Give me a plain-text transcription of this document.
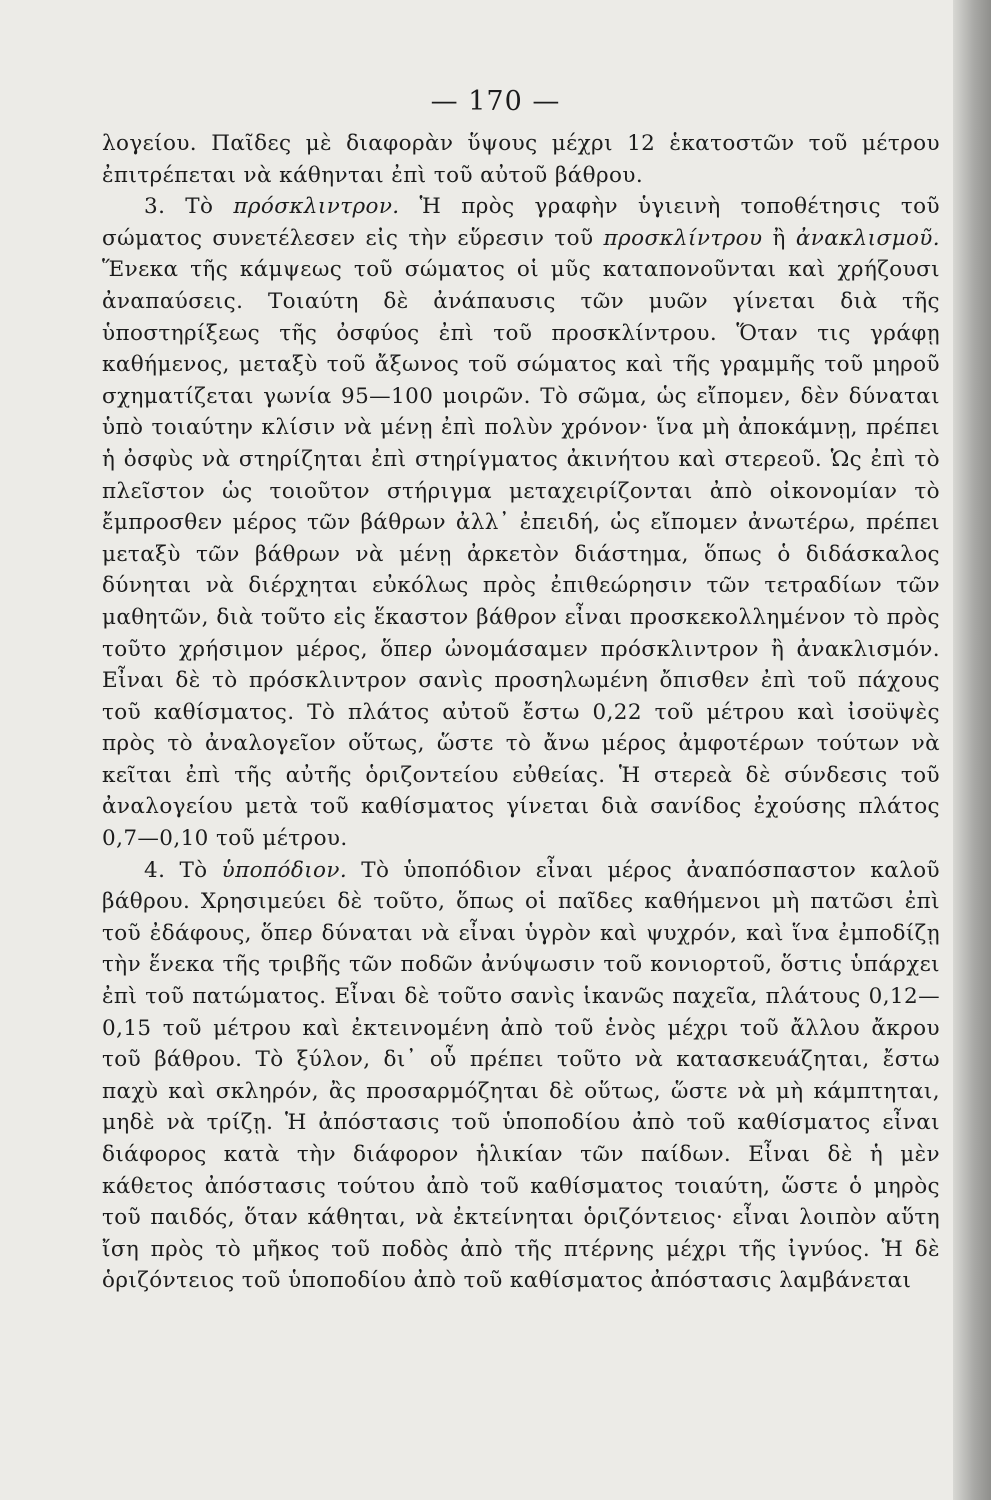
— 170 —

λογείου. Παῖδες μὲ διαφορὰν ὕψους μέχρι 12 ἑκατοστῶν τοῦ μέτρου ἐπιτρέπεται νὰ κάθηνται ἐπὶ τοῦ αὐτοῦ βάθρου.

3. Τὸ πρόσκλιντρον. Ἡ πρὸς γραφὴν ὑγιεινὴ τοποθέτησις τοῦ σώματος συνετέλεσεν εἰς τὴν εὕρεσιν τοῦ προσκλίντρου ἢ ἀνακλισμοῦ. Ἕνεκα τῆς κάμψεως τοῦ σώματος οἱ μῦς καταπονοῦνται καὶ χρήζουσι ἀναπαύσεις. Τοιαύτη δὲ ἀνάπαυσις τῶν μυῶν γίνεται διὰ τῆς ὑποστηρίξεως τῆς ὀσφύος ἐπὶ τοῦ προσκλίντρου. Ὅταν τις γράφῃ καθήμενος, μεταξὺ τοῦ ἄξωνος τοῦ σώματος καὶ τῆς γραμμῆς τοῦ μηροῦ σχηματίζεται γωνία 95—100 μοιρῶν. Τὸ σῶμα, ὡς εἴπομεν, δὲν δύναται ὑπὸ τοιαύτην κλίσιν νὰ μένῃ ἐπὶ πολὺν χρόνον· ἵνα μὴ ἀποκάμνῃ, πρέπει ἡ ὀσφὺς νὰ στηρίζηται ἐπὶ στηρίγματος ἀκινήτου καὶ στερεοῦ. Ὡς ἐπὶ τὸ πλεῖστον ὡς τοιοῦτον στήριγμα μεταχειρίζονται ἀπὸ οἰκονομίαν τὸ ἔμπροσθεν μέρος τῶν βάθρων ἀλλ᾽ ἐπειδή, ὡς εἴπομεν ἀνωτέρω, πρέπει μεταξὺ τῶν βάθρων νὰ μένῃ ἀρκετὸν διάστημα, ὅπως ὁ διδάσκαλος δύνηται νὰ διέρχηται εὐκόλως πρὸς ἐπιθεώρησιν τῶν τετραδίων τῶν μαθητῶν, διὰ τοῦτο εἰς ἕκαστον βάθρον εἶναι προσκεκολλημένον τὸ πρὸς τοῦτο χρήσιμον μέρος, ὅπερ ὠνομάσαμεν πρόσκλιντρον ἢ ἀνακλισμόν. Εἶναι δὲ τὸ πρόσκλιντρον σανὶς προσηλωμένη ὄπισθεν ἐπὶ τοῦ πάχους τοῦ καθίσματος. Τὸ πλάτος αὐτοῦ ἔστω 0,22 τοῦ μέτρου καὶ ἰσοϋψὲς πρὸς τὸ ἀναλογεῖον οὕτως, ὥστε τὸ ἄνω μέρος ἀμφοτέρων τούτων νὰ κεῖται ἐπὶ τῆς αὐτῆς ὁριζοντείου εὐθείας. Ἡ στερεὰ δὲ σύνδεσις τοῦ ἀναλογείου μετὰ τοῦ καθίσματος γίνεται διὰ σανίδος ἐχούσης πλάτος 0,7—0,10 τοῦ μέτρου.

4. Τὸ ὑποπόδιον. Τὸ ὑποπόδιον εἶναι μέρος ἀναπόσπαστον καλοῦ βάθρου. Χρησιμεύει δὲ τοῦτο, ὅπως οἱ παῖδες καθήμενοι μὴ πατῶσι ἐπὶ τοῦ ἐδάφους, ὅπερ δύναται νὰ εἶναι ὑγρὸν καὶ ψυχρόν, καὶ ἵνα ἐμποδίζῃ τὴν ἕνεκα τῆς τριβῆς τῶν ποδῶν ἀνύψωσιν τοῦ κονιορτοῦ, ὅστις ὑπάρχει ἐπὶ τοῦ πατώματος. Εἶναι δὲ τοῦτο σανὶς ἱκανῶς παχεῖα, πλάτους 0,12—0,15 τοῦ μέτρου καὶ ἐκτεινομένη ἀπὸ τοῦ ἑνὸς μέχρι τοῦ ἄλλου ἄκρου τοῦ βάθρου. Τὸ ξύλον, δι᾽ οὗ πρέπει τοῦτο νὰ κατασκευάζηται, ἔστω παχὺ καὶ σκληρόν, ἂς προσαρμόζηται δὲ οὕτως, ὥστε νὰ μὴ κάμπτηται, μηδὲ νὰ τρίζῃ. Ἡ ἀπόστασις τοῦ ὑποποδίου ἀπὸ τοῦ καθίσματος εἶναι διάφορος κατὰ τὴν διάφορον ἡλικίαν τῶν παίδων. Εἶναι δὲ ἡ μὲν κάθετος ἀπόστασις τούτου ἀπὸ τοῦ καθίσματος τοιαύτη, ὥστε ὁ μηρὸς τοῦ παιδός, ὅταν κάθηται, νὰ ἐκτείνηται ὁριζόντειος· εἶναι λοιπὸν αὕτη ἴση πρὸς τὸ μῆκος τοῦ ποδὸς ἀπὸ τῆς πτέρνης μέχρι τῆς ἰγνύος. Ἡ δὲ ὁριζόντειος τοῦ ὑποποδίου ἀπὸ τοῦ καθίσματος ἀπόστασις λαμβάνεται
